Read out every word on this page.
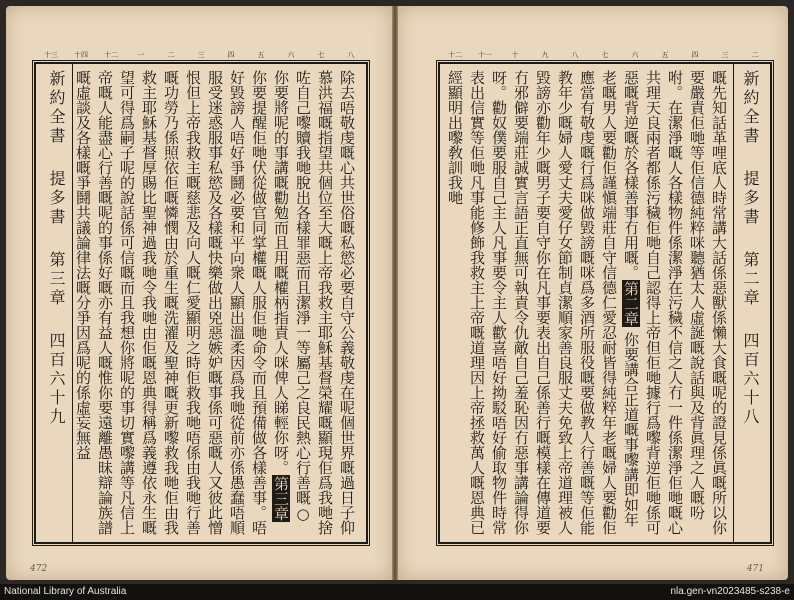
十三 十四 十二	一	二	三	四	五	六	七	八
新約全書提多書第三章四百六十九	除去唔敬虔嘅心共世俗嘅私慾必要自守公義敬虔在呢個世界嘅過日子仰慕洪福嘅指望共個位至大嘅上帝我救主耶穌基督榮耀嘅顯現佢爲我哋捨咗自己嚟贖我哋脫出各樣罪惡而且潔淨一等屬己之良民熱心行善嘅○你要將呢的事講嘅勸勉而且用嘅權柄指責人咪俾人睇輕你呀。第三章 你要提醒佢哋伏從做官同掌權嘅人服佢哋命令而且預備做各樣善事。唔好毀謗人唔好爭鬪必要和平向衆人顯出溫柔因爲我哋從前亦係愚蠢唔順服受迷惑服事私慾及各樣嘅快樂做出兇惡嫉妒嘅事係可惡嘅人又彼此憎恨但上帝我救主嘅慈悲及向人嘅仁愛顯明之時佢救我哋唔係由我哋行善嘅功勞乃係照依佢嘅憐憫由於重生嘅洗濯及聖神嘅更新嚟救我哋佢由我救主耶穌基督厚賜比聖神過我哋令我哋由佢嘅恩典得稱爲義遵依永生嘅望可得爲嗣子呢的說話係可信嘅而且我想你將呢的事切實嚟講等凡信上帝嘅人能盡心行善嘅呢的事係好嘅亦有益人嘅惟你要遠離愚昧辯論族譜嘅虛談及各樣嘅爭鬪共議論律法嘅分爭因爲呢的係虛妄無益
472
十二 十一	十	九	八	七	六	五	四	三	二
新約全書提多書第二章四百六十八
嘅先知話革哩底人時常講大話係惡獸係懶大食嘅呢的證見係眞嘅所以你要嚴責佢哋等佢信德純粹咪聽猶太人虛誕嘅說話與及背眞理之人嘅吩咐。在潔淨嘅人各樣物件係潔淨在污穢不信之人冇一件係潔淨佢哋嘅心共理天良兩者都係污穢佢哋自己認得上帝但佢哋據行爲嚟背逆佢哋係可惡嘅背逆嘅於各樣善事冇用嘅。第二章 你要講合正道嘅事嚟講即如年老嘅男人要勸佢謹愼端莊自守信德仁愛忍耐皆得純粹年老嘅婦人要勸佢應當有敬虔嘅行爲咪做毀謗嘅咪爲多酒所服役嘅要做教人行善嘅等佢能教年少嘅婦人愛丈夫愛仔女節制貞潔順家善良服丈夫免致上帝道理被人毀謗亦勸年少嘅男子要自守你在凡事要表出自己係善行嘅模樣在傳道要冇邪僻要端莊誠實言語正直無可執責令仇敵自己羞恥因冇惡事講論得你呀。勸奴僕要服自己主人凡事要令主人歡喜唔好拗駁唔好偷取物件時常表出信實等佢哋凡事能修飾我救主上帝嘅道理因上帝拯救萬人嘅恩典已經顯明出嚟敎訓我哋
471
National Library of Australia	nla.gen-vn2023485-s238-e
